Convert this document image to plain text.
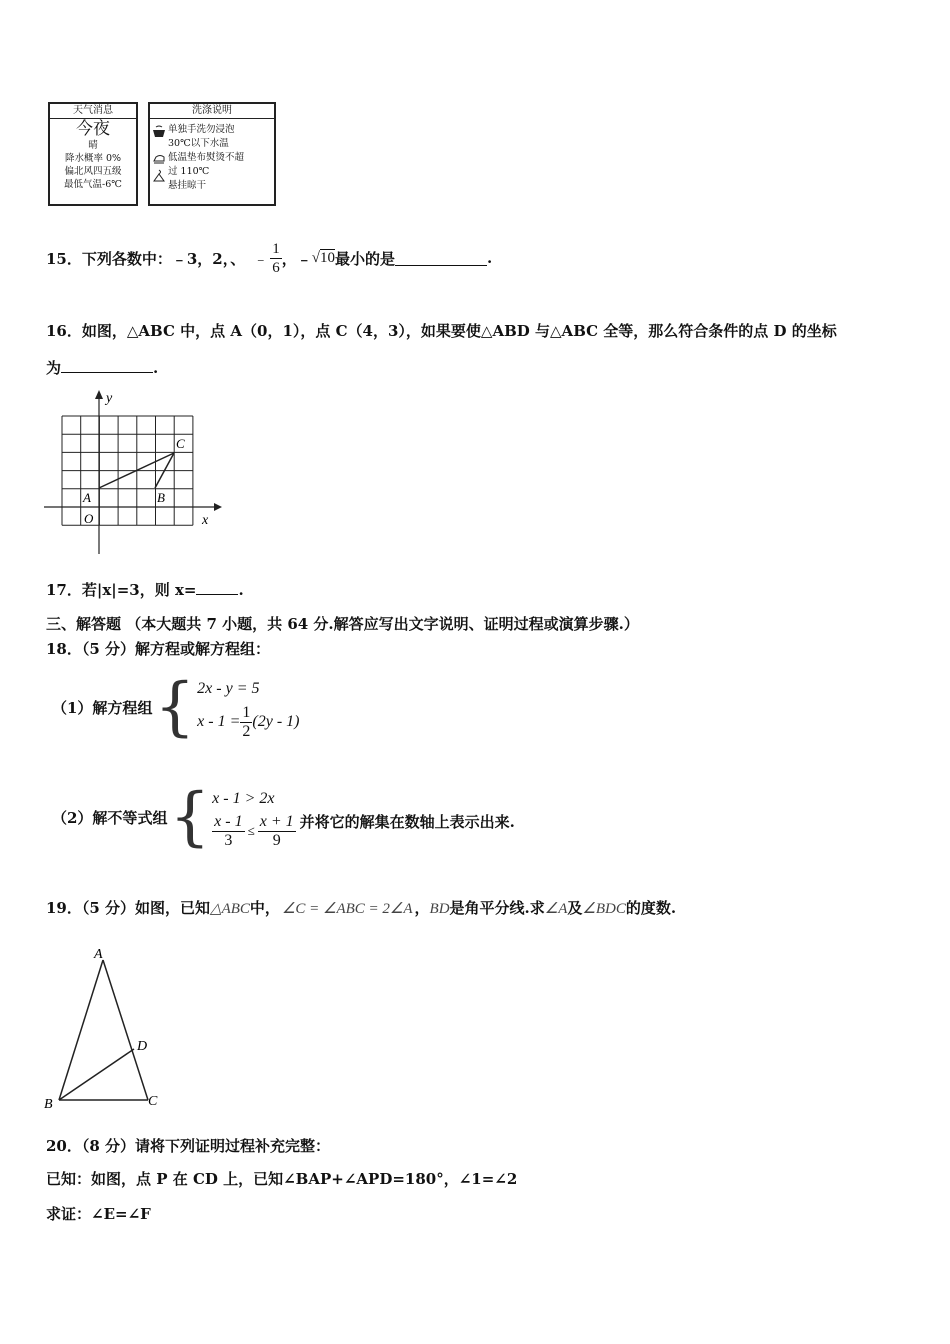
天气消息
今夜
晴
降水概率 0%
偏北风四五级
最低气温-6℃
洗涤说明
单独手洗勿浸泡
30℃以下水温
低温垫布熨烫不超
过 110℃
悬挂晾干
15．下列各数中：﹣3，2，、 ﹣ $\frac{1}{6}$ ，﹣ √10 最小的是	.
16．如图，△ABC 中，点 A（0，1），点 C（4，3），如果要使△ABD 与△ABC 全等，那么符合条件的点 D 的坐标
为	.
y
x
O
A	B
C
17．若|x|=3，则 x=	.
三、解答题 （本大题共 7 小题，共 64 分.解答应写出文字说明、证明过程或演算步骤.）
18．（5 分）解方程或解方程组：
（1）解方程组 { 2x - y = 5
$x - 1 = \frac{1}{2} (2y - 1)$
（2）解不等式组 { x - 1 > 2x
$\frac{x - 1}{3} \le \frac{x + 1}{9}$ 并将它的解集在数轴上表示出来.
19．（5 分）如图，已知△ABC中， ∠C = ∠ABC = 2∠A ，BD是角平分线.求∠A及∠BDC的度数.
A
B	C
D
20．（8 分）请将下列证明过程补充完整：
已知：如图，点 P 在 CD 上，已知∠BAP+∠APD=180°，∠1=∠2
求证：∠E=∠F
